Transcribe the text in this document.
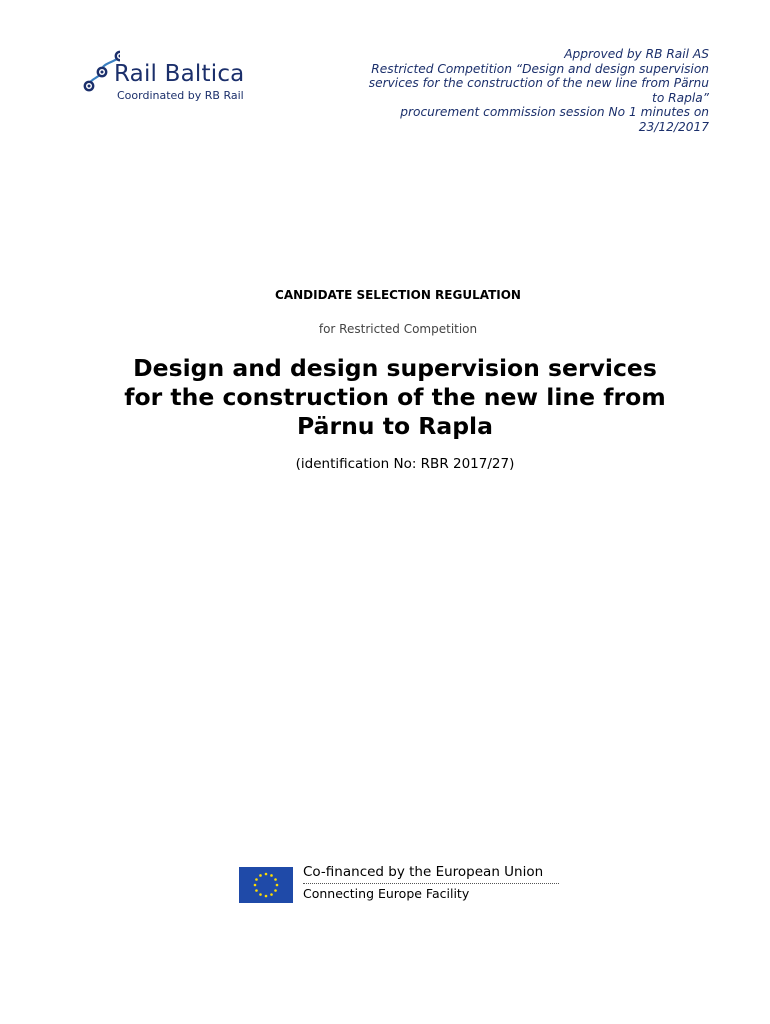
Rail Baltica
Coordinated by RB Rail
Approved by RB Rail AS
Restricted Competition “Design and design supervision
services for the construction of the new line from Pärnu
to Rapla”
procurement commission session No 1 minutes on
23/12/2017
CANDIDATE SELECTION REGULATION
for Restricted Competition
Design and design supervision services
for the construction of the new line from
Pärnu to Rapla
(identification No: RBR 2017/27)
Co-financed by the European Union
Connecting Europe Facility
